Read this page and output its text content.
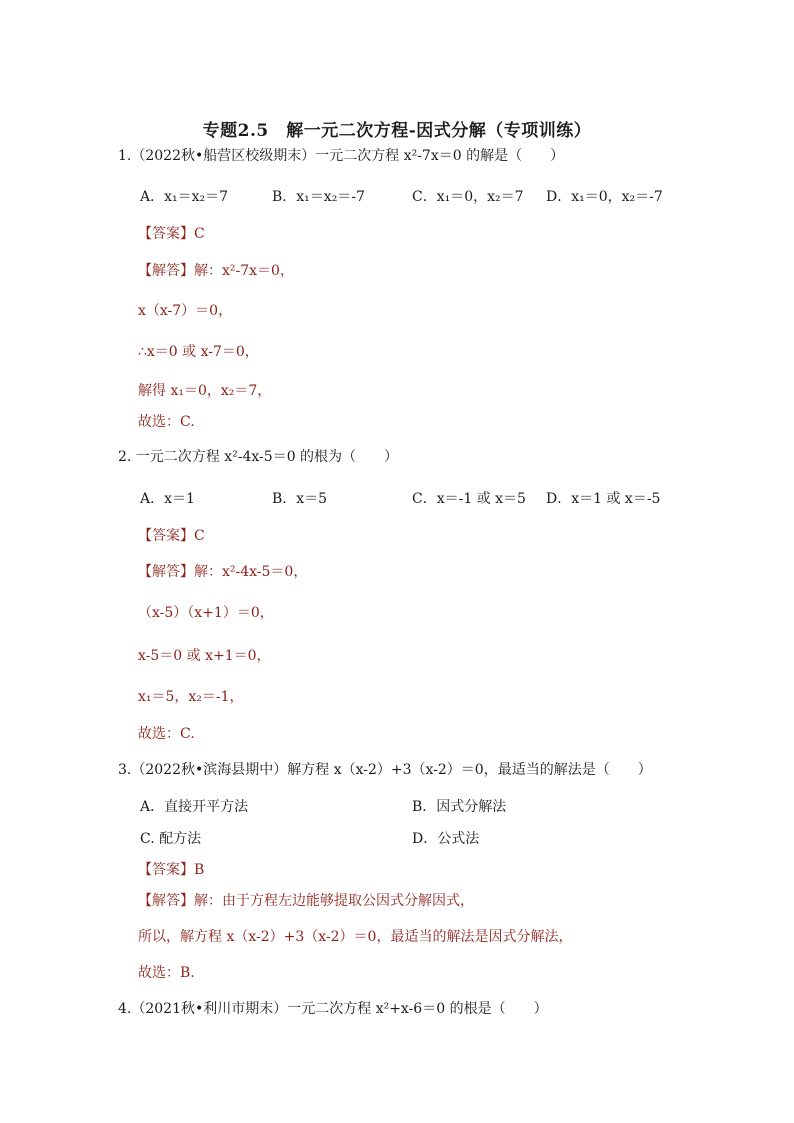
专题2.5　解一元二次方程-因式分解（专项训练）
1.（2022秋•船营区校级期末）一元二次方程 x²-7x＝0 的解是（　　）
A．x₁＝x₂＝7	B．x₁＝x₂＝-7	C．x₁＝0，x₂＝7 D．x₁＝0，x₂＝-7
【答案】C
【解答】解：x²-7x＝0，
x（x-7）＝0，
∴x＝0 或 x-7＝0，
解得 x₁＝0，x₂＝7，
故选：C.
2. 一元二次方程 x²-4x-5＝0 的根为（　　）
A．x＝1	B．x＝5	C．x＝-1 或 x＝5 D．x＝1 或 x＝-5
【答案】C
【解答】解：x²-4x-5＝0，
（x-5）（x+1）＝0，
x-5＝0 或 x+1＝0，
x₁＝5，x₂＝-1，
故选：C.
3.（2022秋•滨海县期中）解方程 x（x-2）+3（x-2）＝0，最适当的解法是（　　）
A．直接开平方法	B．因式分解法
C. 配方法	D．公式法
【答案】B
【解答】解：由于方程左边能够提取公因式分解因式，
所以，解方程 x（x-2）+3（x-2）＝0，最适当的解法是因式分解法，
故选：B.
4.（2021秋•利川市期末）一元二次方程 x²+x-6＝0 的根是（　　）
